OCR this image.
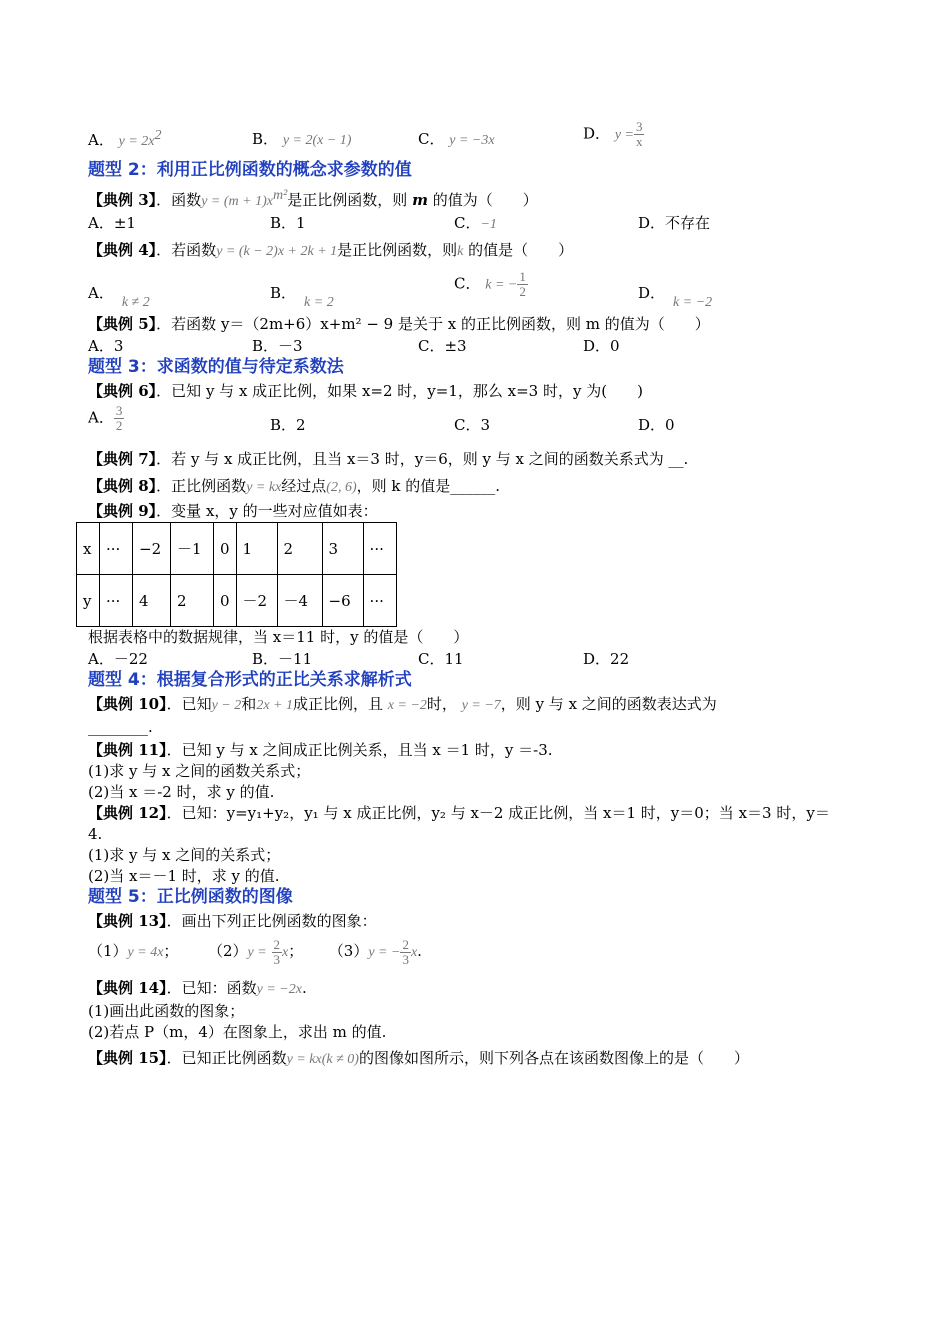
A． $y = 2x^2$	B． y = 2(x − 1)	C． y = −3x	D． $y = \frac{3}{x}$
题型 2：利用正比例函数的概念求参数的值
【典例 3】．函数$y = (m + 1)x^{m^2}$是正比例函数，则 m 的值为（　　）
A．±1	B．1	C．−1	D．不存在
【典例 4】．若函数y = (k − 2)x + 2k + 1是正比例函数，则k 的值是（　　）
A．k ≠ 2
B．k = 2
C． k = − $\frac{1}{2}$	D．k = −2
【典例 5】．若函数 y＝（2m+6）x+m² − 9 是关于 x 的正比例函数，则 m 的值为（　　）
A．3	B．－3	C．±3	D．0
题型 3：求函数的值与待定系数法
【典例 6】．已知 y 与 x 成正比例，如果 x=2 时，y=1，那么 x=3 时，y 为(　　)
A． $\frac{3}{2}$	B．2	C．3	D．0
【典例 7】．若 y 与 x 成正比例，且当 x＝3 时，y＝6，则 y 与 x 之间的函数关系式为 __.
【典例 8】．正比例函数y = kx经过点(2, 6)，则 k 的值是______.
【典例 9】．变量 x，y 的一些对应值如表：
x	···	−2	－1	0	1	2	3	···
y	···	4	2	0	－2	－4	−6	···
根据表格中的数据规律，当 x＝11 时，y 的值是（　　）
A．－22	B．－11	C．11	D．22
题型 4：根据复合形式的正比关系求解析式
【典例 10】．已知y − 2和2x + 1成正比例，且 x = −2时， y = −7，则 y 与 x 之间的函数表达式为
________.
【典例 11】．已知 y 与 x 之间成正比例关系，且当 x ＝1 时，y ＝-3.
(1)求 y 与 x 之间的函数关系式；
(2)当 x ＝-2 时，求 y 的值.
【典例 12】．已知：y=y₁+y₂，y₁ 与 x 成正比例，y₂ 与 x－2 成正比例，当 x＝1 时，y＝0；当 x＝3 时，y＝
4.
(1)求 y 与 x 之间的关系式；
(2)当 x＝－1 时，求 y 的值.
题型 5：正比例函数的图像
【典例 13】．画出下列正比例函数的图象：
（1）y = 4x； $(2)y = \frac{2}{3}$ x； （3）y = − $\frac{2}{3} x$.
【典例 14】．已知：函数y = −2x.
(1)画出此函数的图象；
(2)若点 P（m，4）在图象上，求出 m 的值.
【典例 15】．已知正比例函数y = kx(k ≠ 0)的图像如图所示，则下列各点在该函数图像上的是（　　）
